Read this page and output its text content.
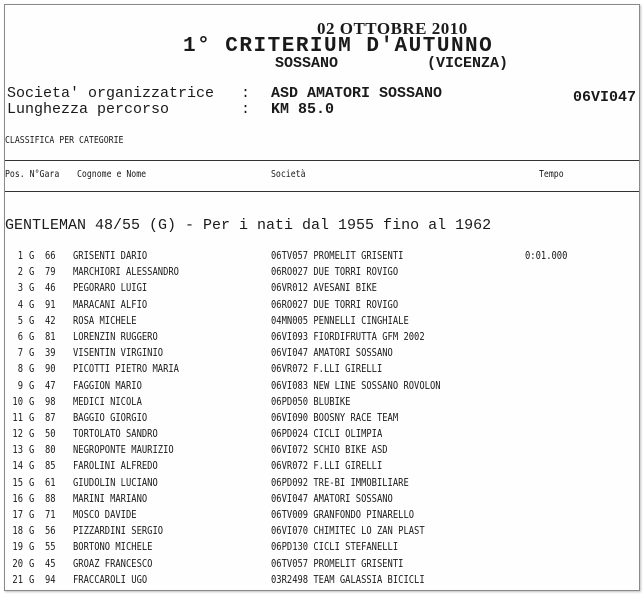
02 OTTOBRE 2010
1° CRITERIUM D'AUTUNNO
SOSSANO	(VICENZA)
Societa' organizzatrice : ASD AMATORI SOSSANO	06VI047
Lunghezza percorso	: KM 85.0
CLASSIFICA PER CATEGORIE
Pos. N°Gara Cognome e Nome	Società	Tempo
GENTLEMAN 48/55 (G) - Per i nati dal 1955 fino al 1962
1 G 66 GRISENTI DARIO	06TV057 PROMELIT GRISENTI	0:01.000
2 G 79 MARCHIORI ALESSANDRO	06RO027 DUE TORRI ROVIGO
3 G 46 PEGORARO LUIGI	06VR012 AVESANI BIKE
4 G 91 MARACANI ALFIO	06RO027 DUE TORRI ROVIGO
5 G 42 ROSA MICHELE	04MN005 PENNELLI CINGHIALE
6 G 81 LORENZIN RUGGERO	06VI093 FIORDIFRUTTA GFM 2002
7 G 39 VISENTIN VIRGINIO	06VI047 AMATORI SOSSANO
8 G 90 PICOTTI PIETRO MARIA	06VR072 F.LLI GIRELLI
9 G 47 FAGGION MARIO	06VI083 NEW LINE SOSSANO ROVOLON
10 G 98 MEDICI NICOLA	06PD050 BLUBIKE
11 G 87 BAGGIO GIORGIO	06VI090 BOOSNY RACE TEAM
12 G 50 TORTOLATO SANDRO	06PD024 CICLI OLIMPIA
13 G 80 NEGROPONTE MAURIZIO	06VI072 SCHIO BIKE ASD
14 G 85 FAROLINI ALFREDO	06VR072 F.LLI GIRELLI
15 G 61 GIUDOLIN LUCIANO	06PD092 TRE-BI IMMOBILIARE
16 G 88 MARINI MARIANO	06VI047 AMATORI SOSSANO
17 G 71 MOSCO DAVIDE	06TV009 GRANFONDO PINARELLO
18 G 56 PIZZARDINI SERGIO	06VI070 CHIMITEC LO ZAN PLAST
19 G 55 BORTONO MICHELE	06PD130 CICLI STEFANELLI
20 G 45 GROAZ FRANCESCO	06TV057 PROMELIT GRISENTI
21 G 94 FRACCAROLI UGO	03R2498 TEAM GALASSIA BICICLI
